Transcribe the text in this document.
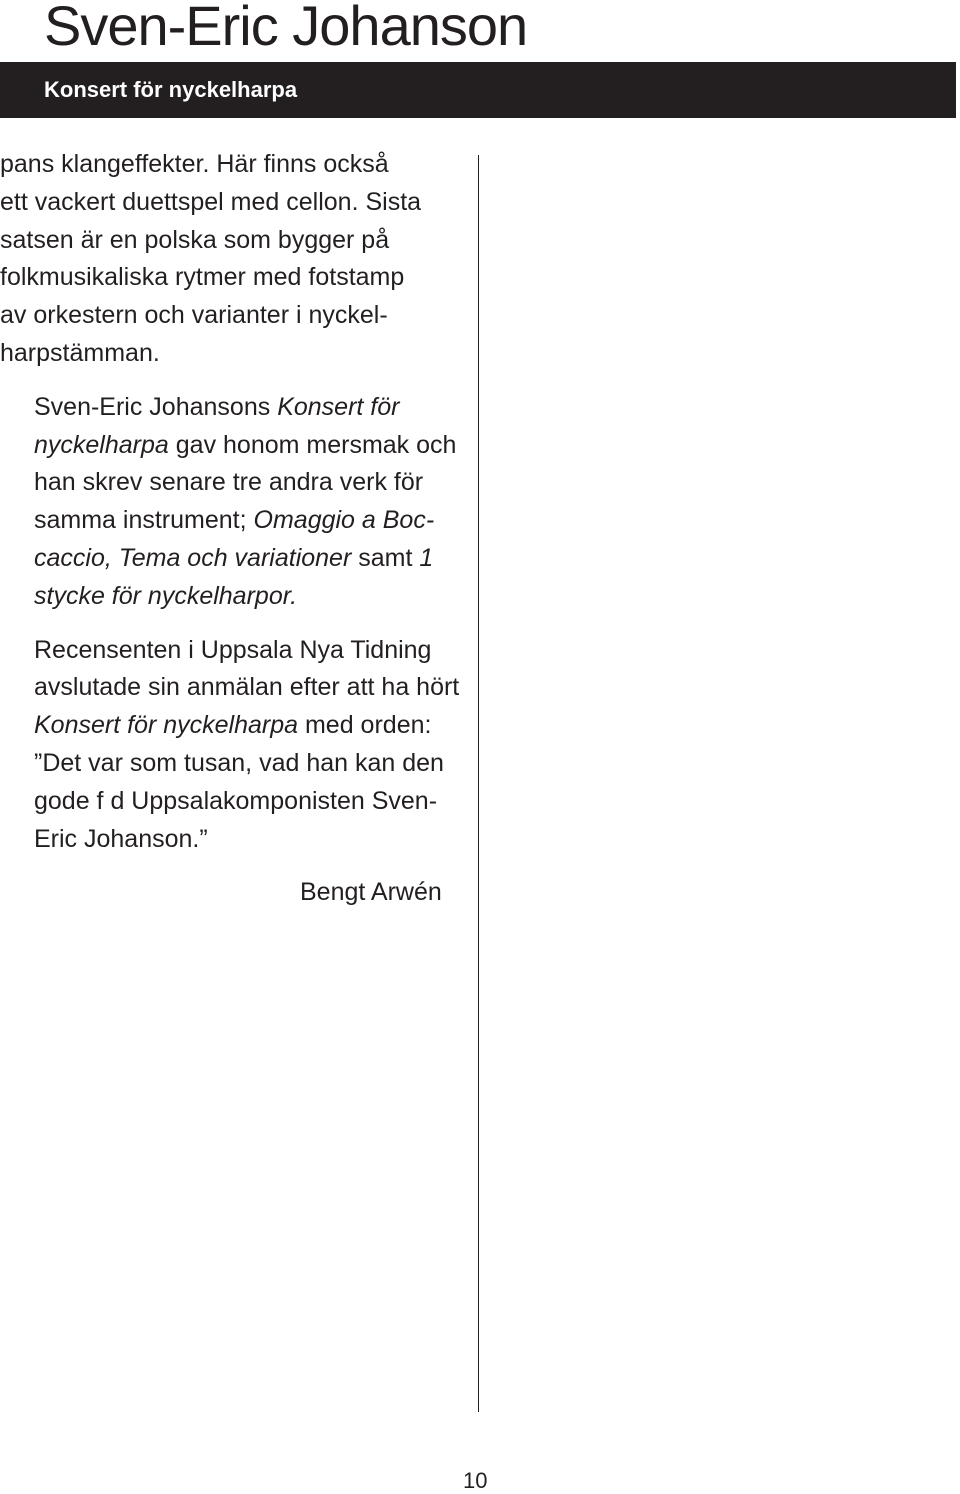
Sven-Eric Johanson
Konsert för nyckelharpa

pans klangeffekter. Här finns också
ett vackert duettspel med cellon. Sista
satsen är en polska som bygger på
folkmusikaliska rytmer med fotstamp
av orkestern och varianter i nyckel-
harpstämman.

Sven-Eric Johansons Konsert för
nyckelharpa gav honom mersmak och
han skrev senare tre andra verk för
samma instrument; Omaggio a Boc-
caccio, Tema och variationer samt 1
stycke för nyckelharpor.

Recensenten i Uppsala Nya Tidning
avslutade sin anmälan efter att ha hört
Konsert för nyckelharpa med orden:
”Det var som tusan, vad han kan den
gode f d Uppsalakomponisten Sven-
Eric Johanson.”

Bengt Arwén
10
